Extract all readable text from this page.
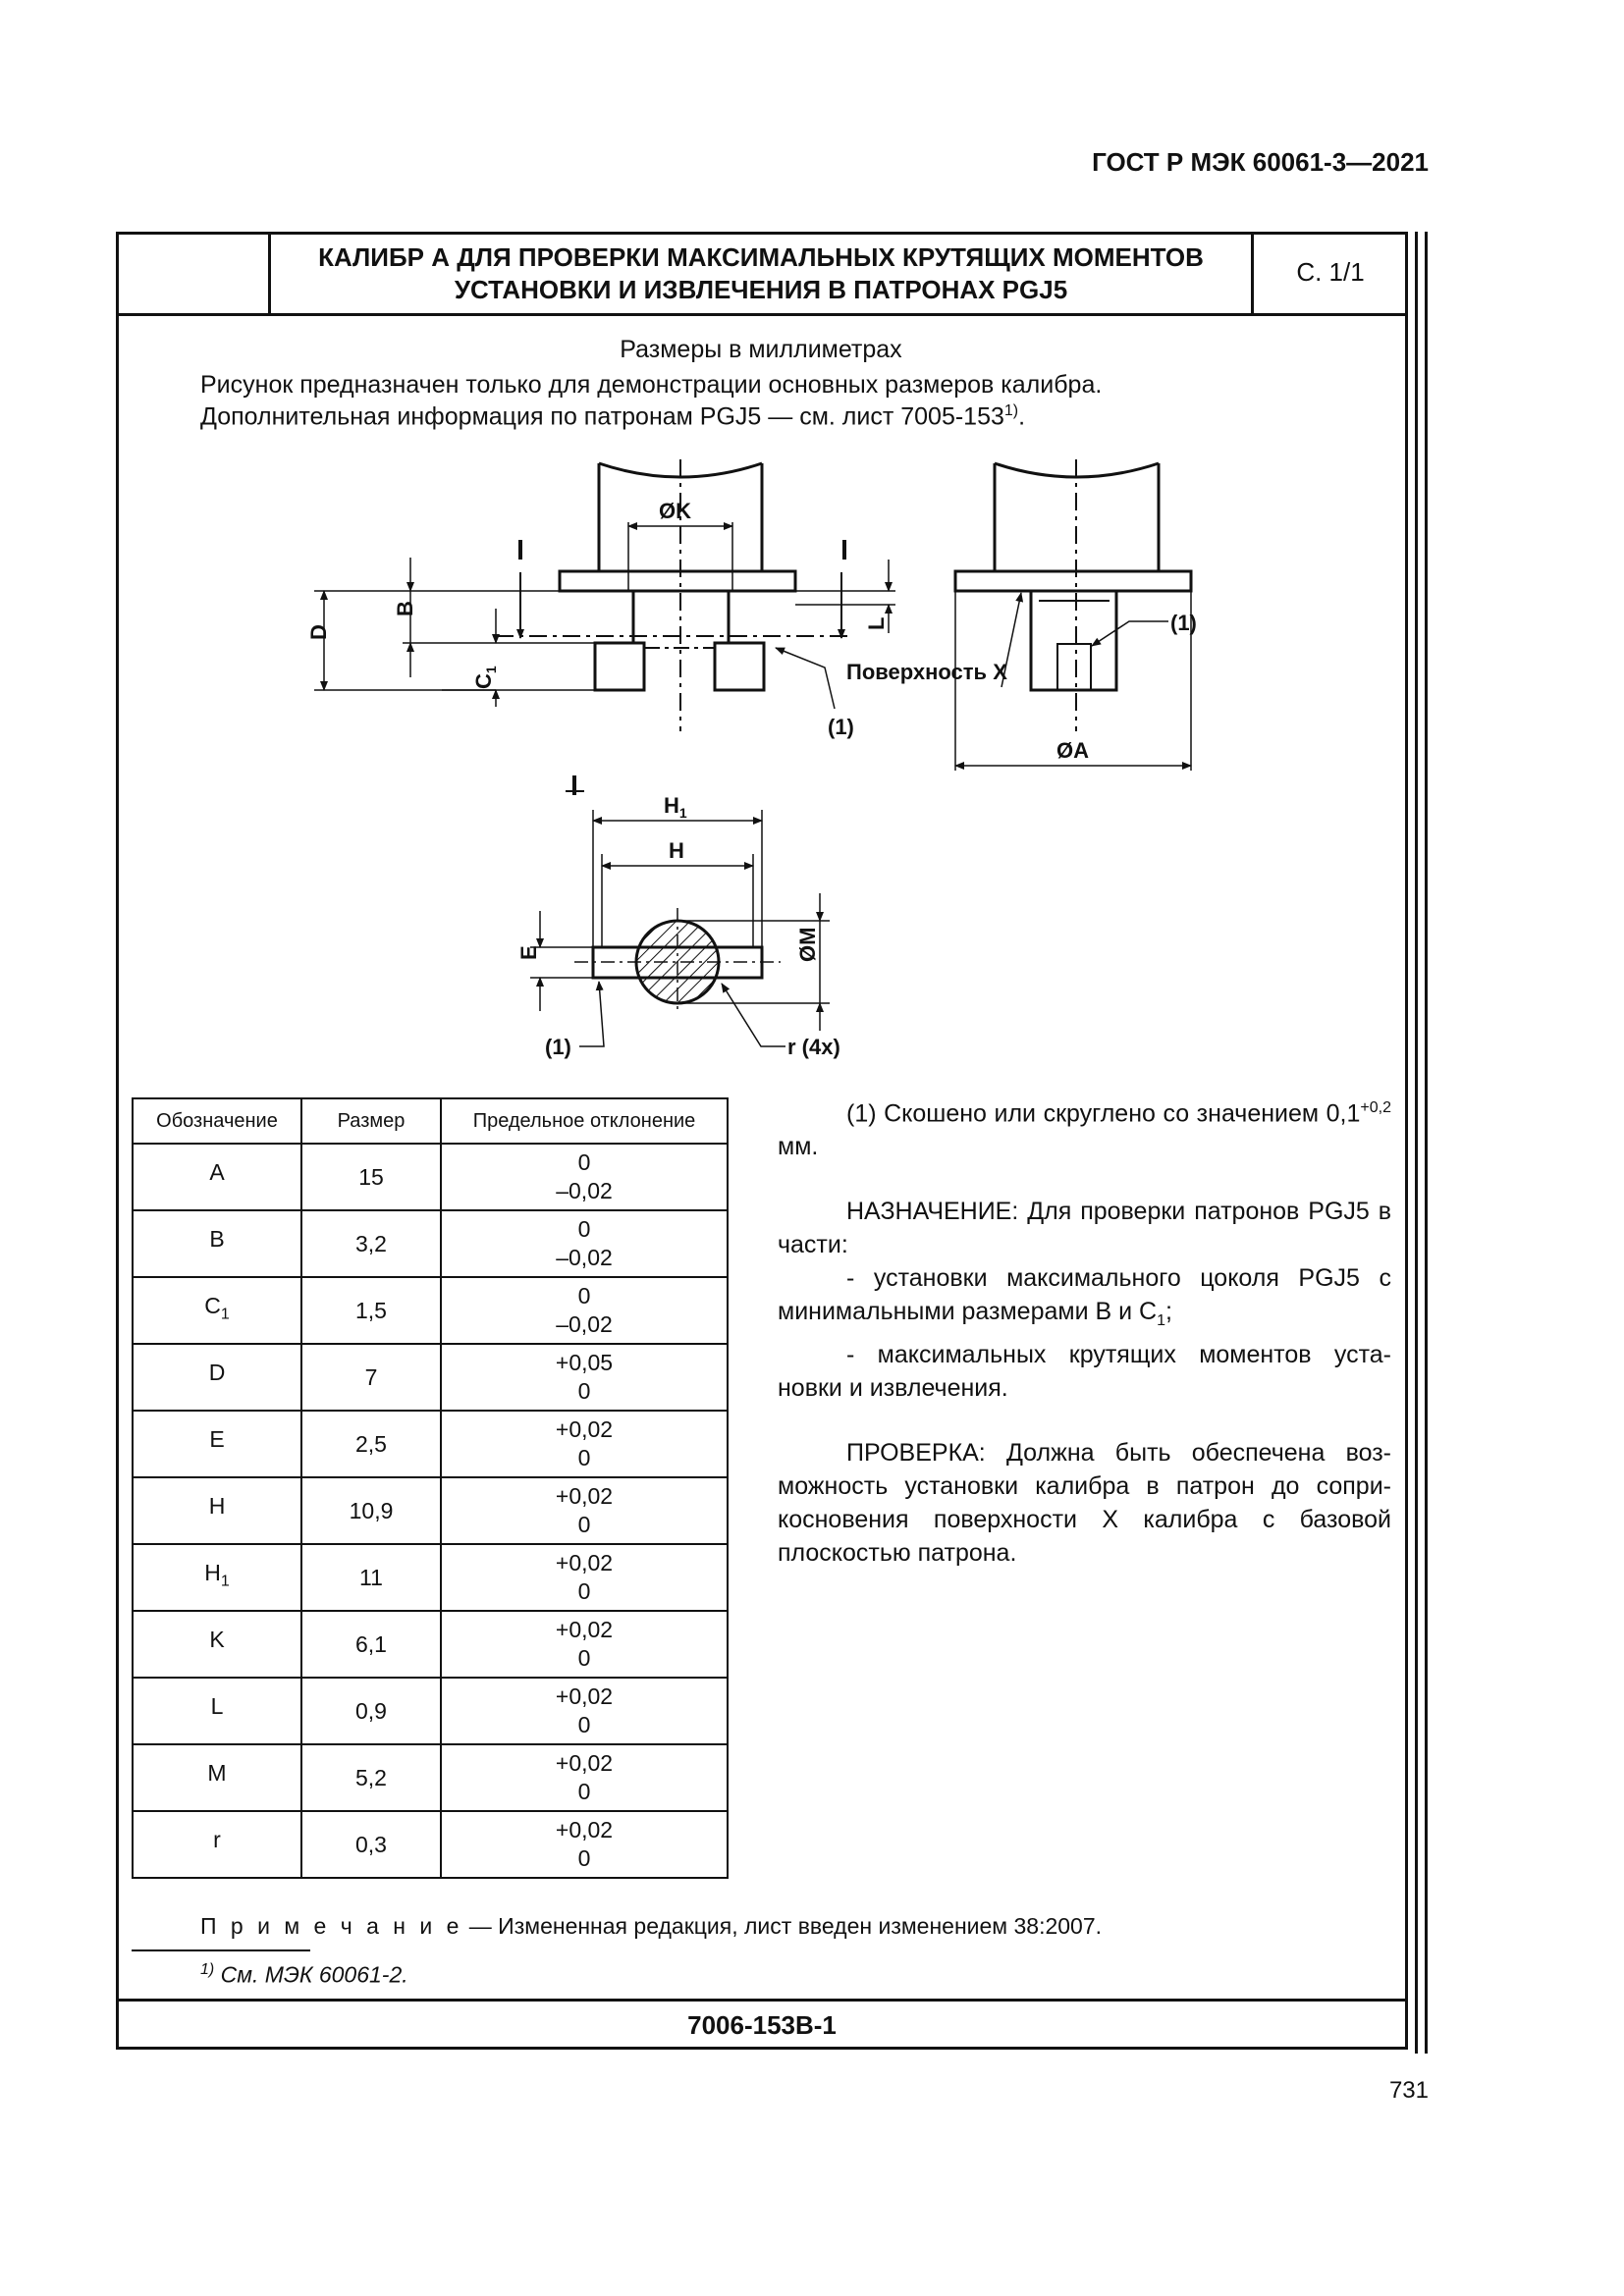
ГОСТ Р МЭК 60061-3—2021
КАЛИБР А ДЛЯ ПРОВЕРКИ МАКСИМАЛЬНЫХ КРУТЯЩИХ МОМЕНТОВ
УСТАНОВКИ И ИЗВЛЕЧЕНИЯ В ПАТРОНАХ PGJ5
С. 1/1
Размеры в миллиметрах
Рисунок предназначен только для демонстрации основных размеров калибра.
Дополнительная информация по патронам PGJ5 — см. лист 7005-153$^{1)}$.
ØK
D
B
$C_1$
L
(1)
Поверхность X
(1)
ØA
$H_1$
H
E	ØM
(1)	r (4x)
Обозначение	Размер	Предельное отклонение
A	15	0
–0,02

B	3,2	0
–0,02

$C_1$	1,5	0
–0,02

D	7	+0,05
0

E	2,5	+0,02
0

H	10,9	+0,02
0

$H_1$	11	+0,02
0

K	6,1	+0,02
0

L	0,9	+0,02
0

M	5,2	+0,02
0

r	0,3	+0,02
0

(1) Скошено или скруглено со значением $0,1^{+0,2}$ мм.

НАЗНАЧЕНИЕ: Для проверки патронов PGJ5 в части:
- установки максимального цоколя PGJ5 с минимальными размерами B и $C_1$;
- максимальных крутящих моментов уста-новки и извлечения.

ПРОВЕРКА: Должна быть обеспечена воз-можность установки калибра в патрон до сопри-косновения поверхности X калибра с базовой плоскостью патрона.

П р и м е ч а н и е — Измененная редакция, лист введен изменением 38:2007.
$^{1)}$ См. МЭК 60061-2.
7006-153B-1
731
